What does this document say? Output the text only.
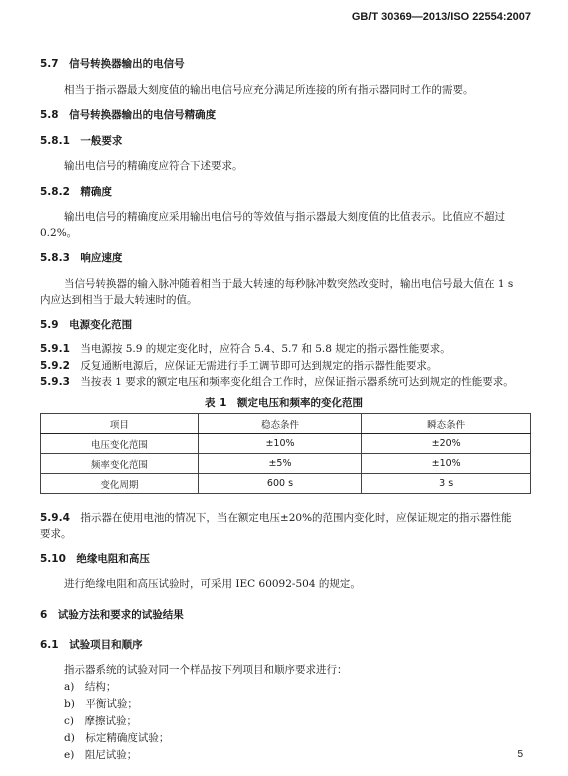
GB/T 30369—2013/ISO 22554:2007
5.7　 信号转换器输出的电信号
相当于指示器最大刻度值的输出电信号应充分满足所连接的所有指示器同时工作的需要。
5.8　 信号转换器输出的电信号精确度
5.8.1　 一般要求
输出电信号的精确度应符合下述要求。
5.8.2　 精确度
输出电信号的精确度应采用输出电信号的等效值与指示器最大刻度值的比值表示。比值应不超过
0.2%。
5.8.3　 响应速度
当信号转换器的输入脉冲随着相当于最大转速的每秒脉冲数突然改变时，输出电信号最大值在 1 s
内应达到相当于最大转速时的值。
5.9　 电源变化范围
5.9.1　 当电源按 5.9 的规定变化时，应符合 5.4、5.7 和 5.8 规定的指示器性能要求。
5.9.2　 反复通断电源后，应保证无需进行手工调节即可达到规定的指示器性能要求。
5.9.3　 当按表 1 要求的额定电压和频率变化组合工作时，应保证指示器系统可达到规定的性能要求。
表 1　额定电压和频率的变化范围
项目	稳态条件	瞬态条件
电压变化范围	±10%	±20%
频率变化范围	±5%	±10%
变化周期	600 s	3 s
5.9.4　 指示器在使用电池的情况下，当在额定电压±20%的范围内变化时，应保证规定的指示器性能
要求。
5.10　 绝缘电阻和高压
进行绝缘电阻和高压试验时，可采用 IEC 60092-504 的规定。
6　 试验方法和要求的试验结果
6.1　 试验项目和顺序
指示器系统的试验对同一个样品按下列项目和顺序要求进行：
a)　 结构；
b)　 平衡试验；
c)　 摩擦试验；
d)　 标定精确度试验；
e)　 阻尼试验；	5
